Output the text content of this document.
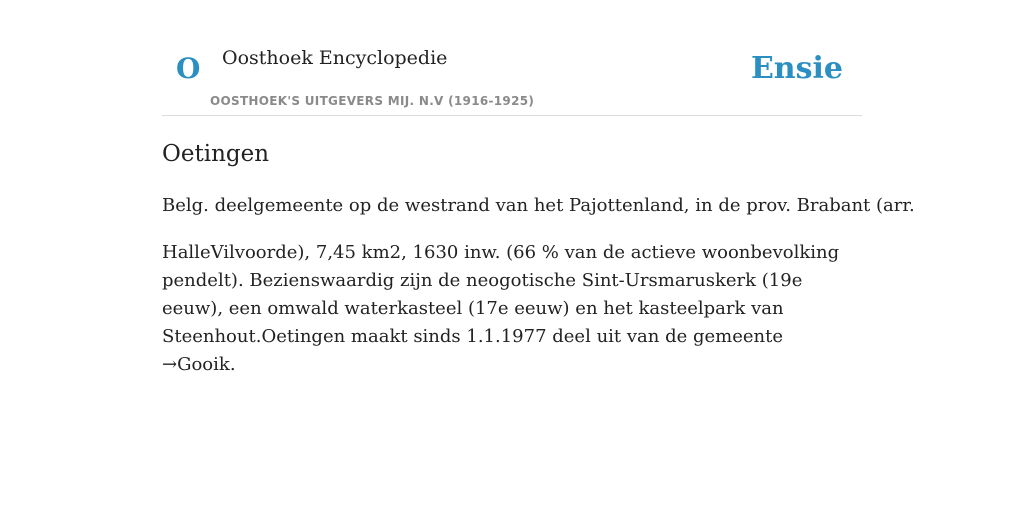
O Oosthoek Encyclopedie
OOSTHOEK'S UITGEVERS MIJ. N.V (1916-1925)
Ensie
Oetingen

Belg. deelgemeente op de westrand van het Pajottenland, in de prov. Brabant (arr.

HalleVilvoorde), 7,45 km2, 1630 inw. (66 % van de actieve woonbevolking pendelt). Bezienswaardig zijn de neogotische Sint-Ursmaruskerk (19e eeuw), een omwald waterkasteel (17e eeuw) en het kasteelpark van Steenhout.Oetingen maakt sinds 1.1.1977 deel uit van de gemeente →Gooik.
